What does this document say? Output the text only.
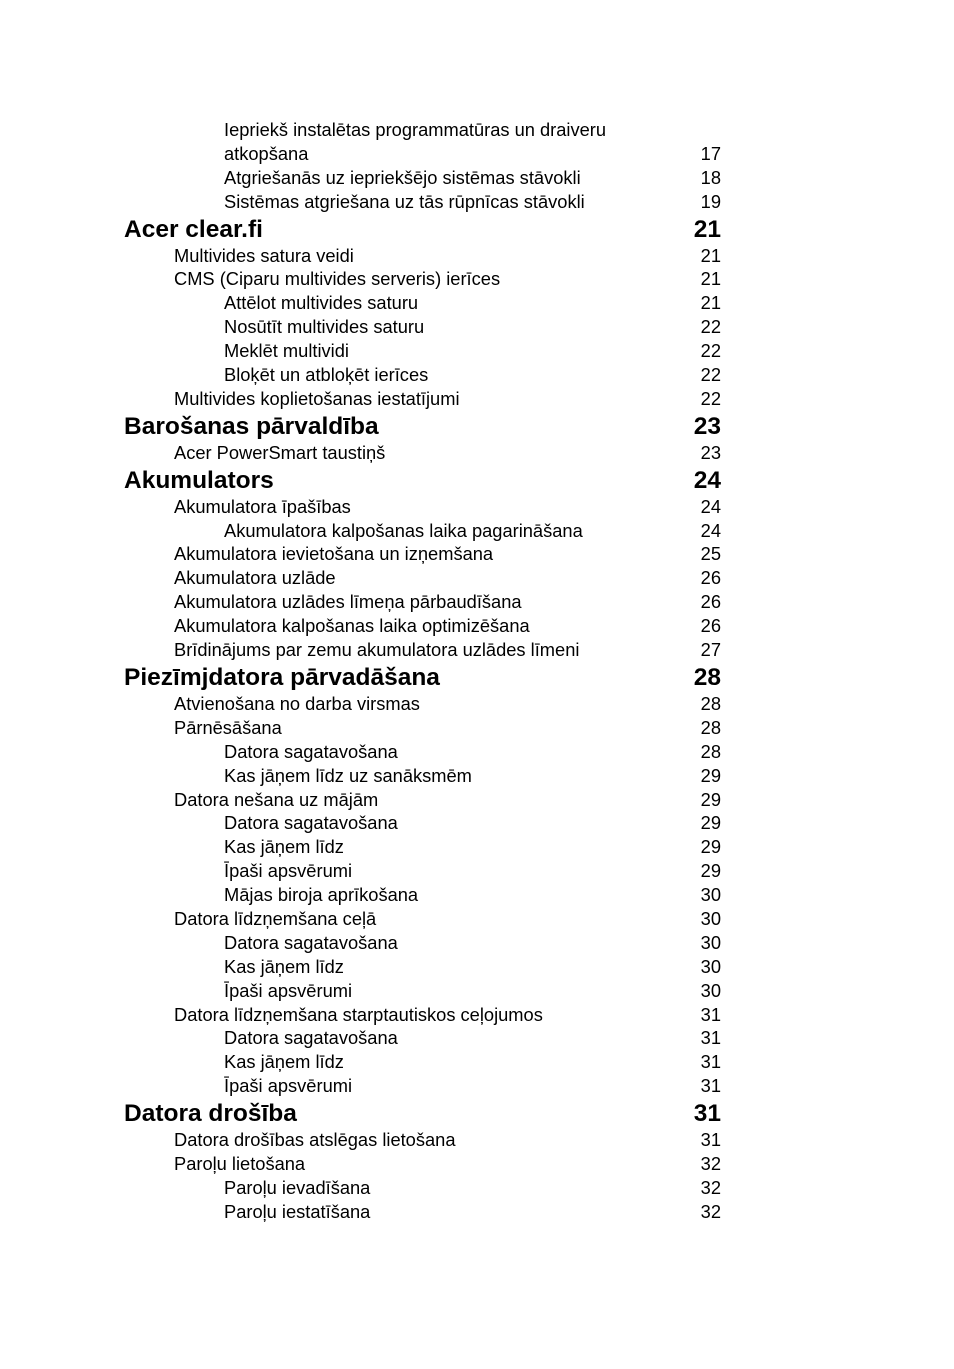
Iepriekš instalētas programmatūras un draiveru atkopšana	17
Atgriešanās uz iepriekšējo sistēmas stāvokli	18
Sistēmas atgriešana uz tās rūpnīcas stāvokli	19
Acer clear.fi	21
Multivides satura veidi	21
CMS (Ciparu multivides serveris) ierīces	21
Attēlot multivides saturu	21
Nosūtīt multivides saturu	22
Meklēt multividi	22
Bloķēt un atbloķēt ierīces	22
Multivides koplietošanas iestatījumi	22
Barošanas pārvaldība	23
Acer PowerSmart taustiņš	23
Akumulators	24
Akumulatora īpašības	24
Akumulatora kalpošanas laika pagarināšana	24
Akumulatora ievietošana un izņemšana	25
Akumulatora uzlāde	26
Akumulatora uzlādes līmeņa pārbaudīšana	26
Akumulatora kalpošanas laika optimizēšana	26
Brīdinājums par zemu akumulatora uzlādes līmeni	27
Piezīmjdatora pārvadāšana	28
Atvienošana no darba virsmas	28
Pārnēsāšana	28
Datora sagatavošana	28
Kas jāņem līdz uz sanāksmēm	29
Datora nešana uz mājām	29
Datora sagatavošana	29
Kas jāņem līdz	29
Īpaši apsvērumi	29
Mājas biroja aprīkošana	30
Datora līdzņemšana ceļā	30
Datora sagatavošana	30
Kas jāņem līdz	30
Īpaši apsvērumi	30
Datora līdzņemšana starptautiskos ceļojumos	31
Datora sagatavošana	31
Kas jāņem līdz	31
Īpaši apsvērumi	31
Datora drošība	31
Datora drošības atslēgas lietošana	31
Paroļu lietošana	32
Paroļu ievadīšana	32
Paroļu iestatīšana	32
